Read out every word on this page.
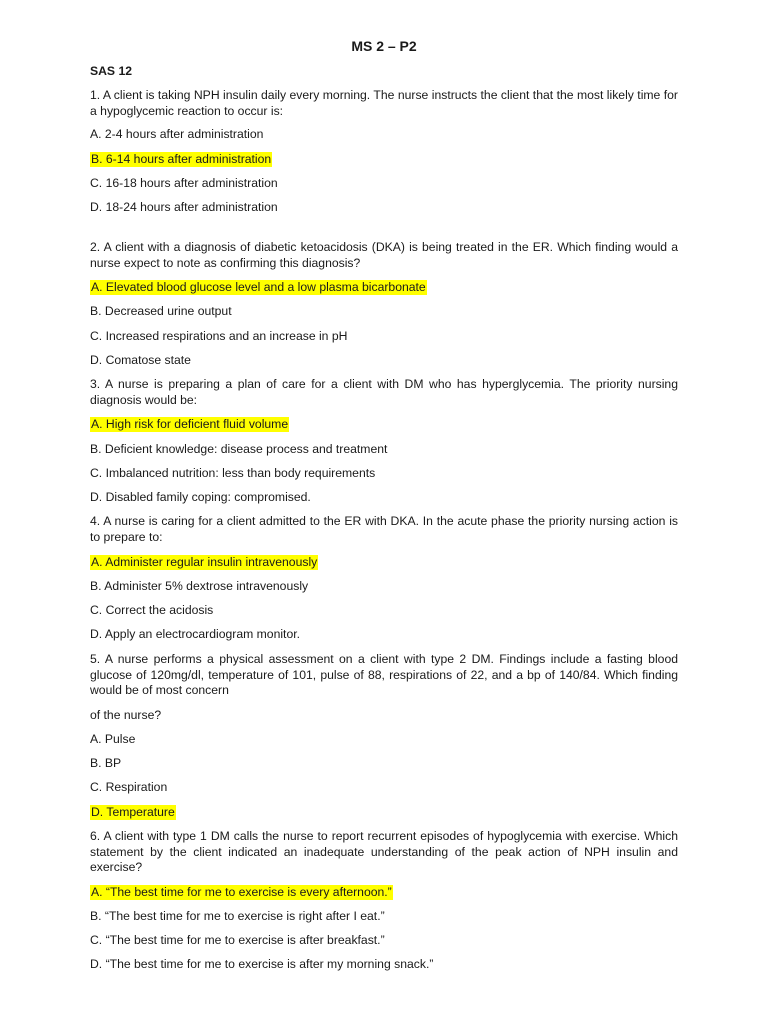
MS 2 – P2
SAS 12

1. A client is taking NPH insulin daily every morning. The nurse instructs the client that the most likely time for a hypoglycemic reaction to occur is:

A. 2-4 hours after administration
B. 6-14 hours after administration
C. 16-18 hours after administration
D. 18-24 hours after administration

2. A client with a diagnosis of diabetic ketoacidosis (DKA) is being treated in the ER. Which finding would a nurse expect to note as confirming this diagnosis?

A. Elevated blood glucose level and a low plasma bicarbonate
B. Decreased urine output
C. Increased respirations and an increase in pH
D. Comatose state

3. A nurse is preparing a plan of care for a client with DM who has hyperglycemia. The priority nursing diagnosis would be:

A. High risk for deficient fluid volume
B. Deficient knowledge: disease process and treatment
C. Imbalanced nutrition: less than body requirements
D. Disabled family coping: compromised.

4. A nurse is caring for a client admitted to the ER with DKA. In the acute phase the priority nursing action is to prepare to:

A. Administer regular insulin intravenously
B. Administer 5% dextrose intravenously
C. Correct the acidosis
D. Apply an electrocardiogram monitor.

5. A nurse performs a physical assessment on a client with type 2 DM. Findings include a fasting blood glucose of 120mg/dl, temperature of 101, pulse of 88, respirations of 22, and a bp of 140/84. Which finding would be of most concern

of the nurse?
A. Pulse
B. BP
C. Respiration
D. Temperature

6. A client with type 1 DM calls the nurse to report recurrent episodes of hypoglycemia with exercise. Which statement by the client indicated an inadequate understanding of the peak action of NPH insulin and exercise?

A. “The best time for me to exercise is every afternoon.”
B. “The best time for me to exercise is right after I eat.”
C. “The best time for me to exercise is after breakfast.”
D. “The best time for me to exercise is after my morning snack.”
